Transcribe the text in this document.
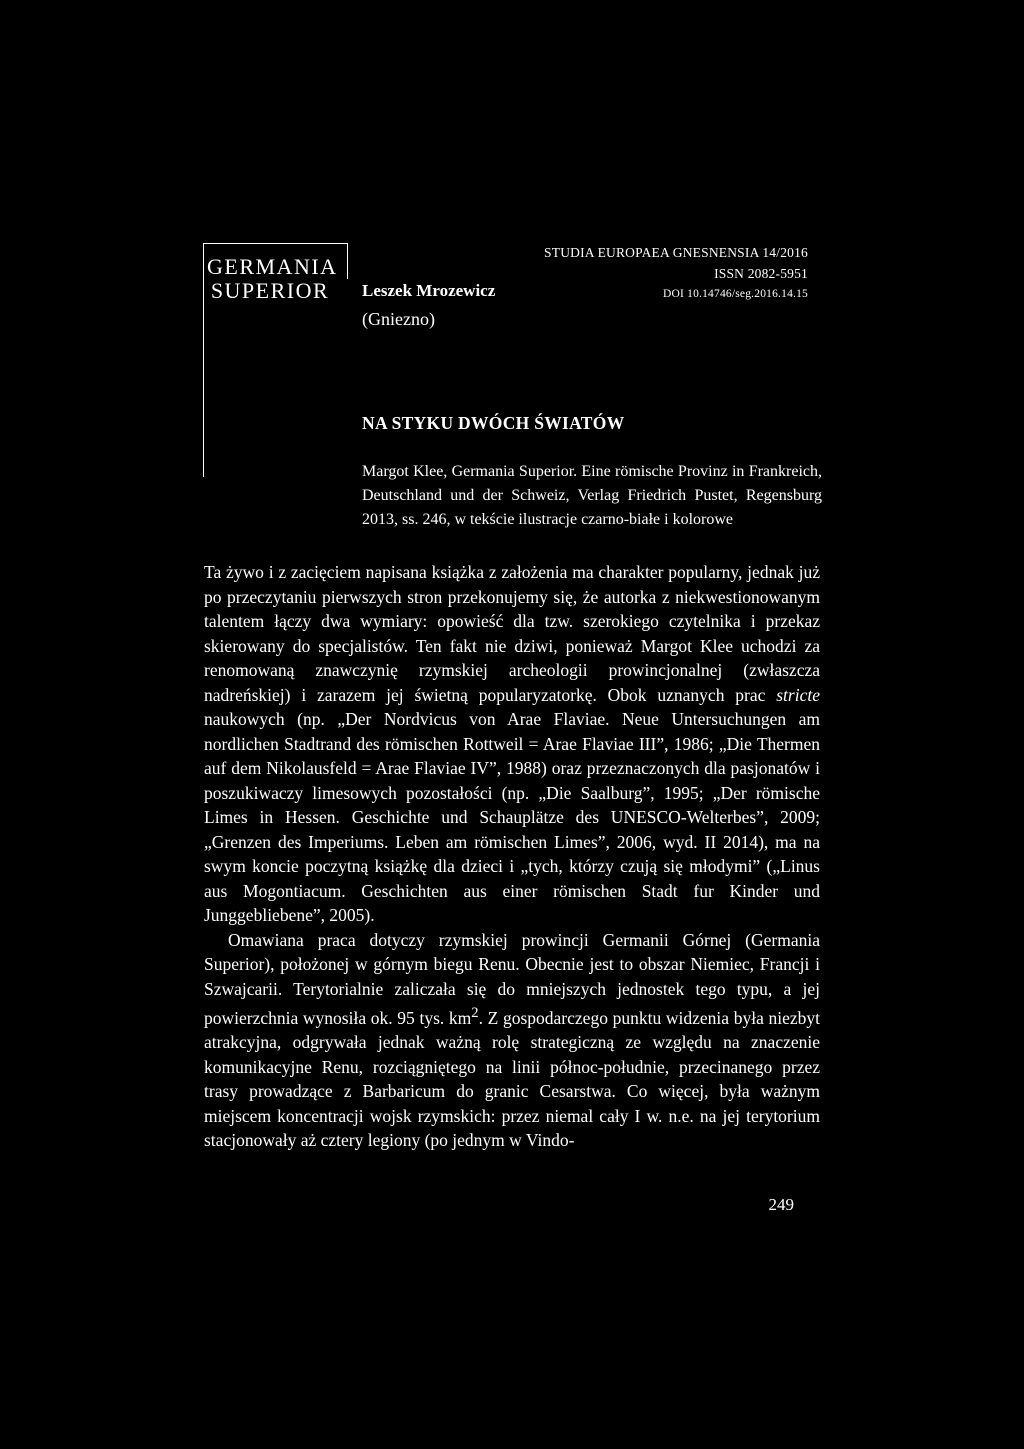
STUDIA EUROPAEA GNESNENSIA 14/2016
ISSN 2082-5951
DOI 10.14746/seg.2016.14.15
GERMANIA
SUPERIOR Leszek Mrozewicz
(Gniezno)
NA STYKU DWÓCH ŚWIATÓW
Margot Klee, Germania Superior. Eine römische Provinz in Frankreich, Deutschland und der Schweiz, Verlag Friedrich Pustet, Regensburg 2013, ss. 246, w tekście ilustracje czarno-białe i kolorowe

Ta żywo i z zacięciem napisana książka z założenia ma charakter popularny, jednak już po przeczytaniu pierwszych stron przekonujemy się, że autorka z niekwestionowanym talentem łączy dwa wymiary: opowieść dla tzw. szerokiego czytelnika i przekaz skierowany do specjalistów. Ten fakt nie dziwi, ponieważ Margot Klee uchodzi za renomowaną znawczynię rzymskiej archeologii prowincjonalnej (zwłaszcza nadreńskiej) i zarazem jej świetną popularyzatorkę. Obok uznanych prac stricte naukowych (np. „Der Nordvicus von Arae Flaviae. Neue Untersuchungen am nordlichen Stadtrand des römischen Rottweil = Arae Flaviae III”, 1986; „Die Thermen auf dem Nikolausfeld = Arae Flaviae IV”, 1988) oraz przeznaczonych dla pasjonatów i poszukiwaczy limesowych pozostałości (np. „Die Saalburg”, 1995; „Der römische Limes in Hessen. Geschichte und Schauplätze des UNESCO-Welterbes”, 2009; „Grenzen des Imperiums. Leben am römischen Limes”, 2006, wyd. II 2014), ma na swym koncie poczytną książkę dla dzieci i „tych, którzy czują się młodymi” („Linus aus Mogontiacum. Geschichten aus einer römischen Stadt fur Kinder und Junggebliebene”, 2005).

Omawiana praca dotyczy rzymskiej prowincji Germanii Górnej (Germania Superior), położonej w górnym biegu Renu. Obecnie jest to obszar Niemiec, Francji i Szwajcarii. Terytorialnie zaliczała się do mniejszych jednostek tego typu, a jej powierzchnia wynosiła ok. 95 tys. $km^2$. Z gospodarczego punktu widzenia była niezbyt atrakcyjna, odgrywała jednak ważną rolę strategiczną ze względu na znaczenie komunikacyjne Renu, rozciągniętego na linii północ-południe, przecinanego przez trasy prowadzące z Barbaricum do granic Cesarstwa. Co więcej, była ważnym miejscem koncentracji wojsk rzymskich: przez niemal cały I w. n.e. na jej terytorium stacjonowały aż cztery legiony (po jednym w Vindo-

249
